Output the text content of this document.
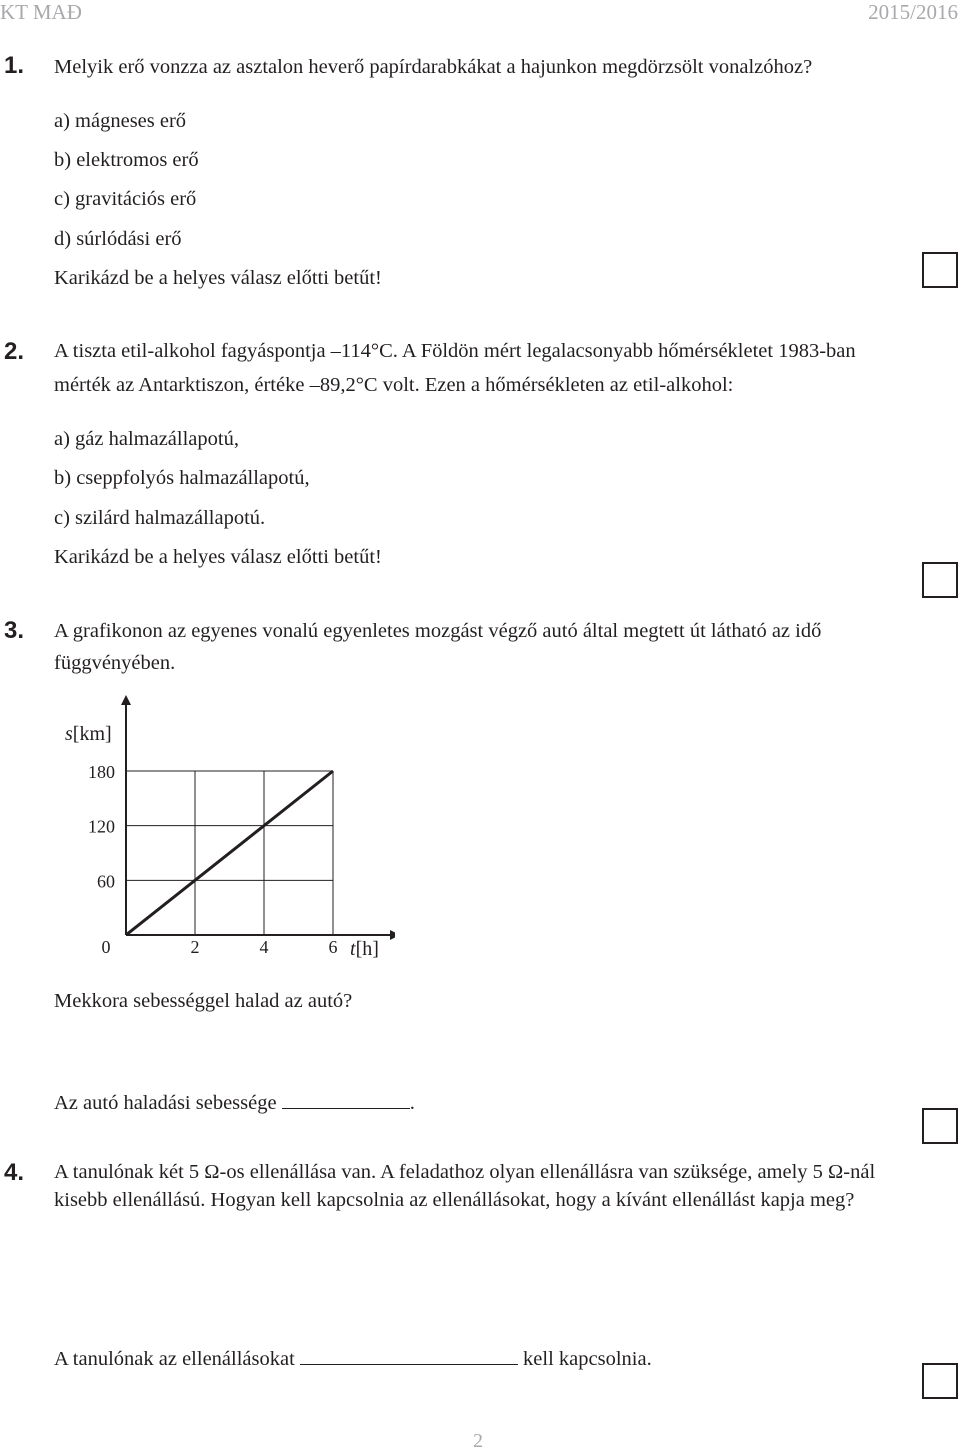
KT MAĐ	2015/2016
1. Melyik erő vonzza az asztalon heverő papírdarabkákat a hajunkon megdörzsölt vonalzóhoz?
a) mágneses erő
b) elektromos erő
c) gravitációs erő
d) súrlódási erő
Karikázd be a helyes válasz előtti betűt!
2. A tiszta etil-alkohol fagyáspontja –114°C. A Földön mért legalacsonyabb hőmérsékletet 1983-ban
mérték az Antarktiszon, értéke –89,2°C volt. Ezen a hőmérsékleten az etil-alkohol:
a) gáz halmazállapotú,
b) cseppfolyós halmazállapotú,
c) szilárd halmazállapotú.
Karikázd be a helyes válasz előtti betűt!
3. A grafikonon az egyenes vonalú egyenletes mozgást végző autó által megtett út látható az idő
függvényében.
s[km]
t[h]
0	2	4	6
60
120
180
Mekkora sebességgel halad az autó?
Az autó haladási sebessége	.
4. A tanulónak két 5 Ω-os ellenállása van. A feladathoz olyan ellenállásra van szüksége, amely 5 Ω-nál
kisebb ellenállású. Hogyan kell kapcsolnia az ellenállásokat, hogy a kívánt ellenállást kapja meg?
A tanulónak az ellenállásokat	kell kapcsolnia.
2
